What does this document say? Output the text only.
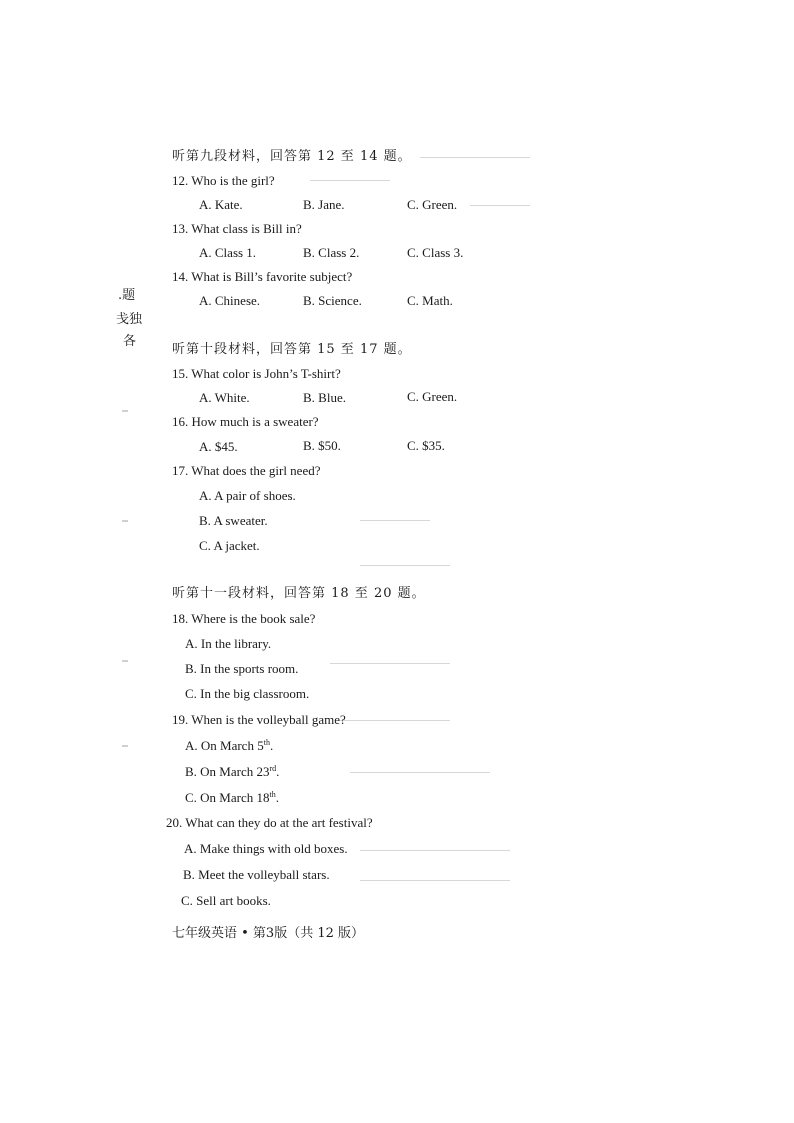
.题
戋独
各
听第九段材料，回答第 12 至 14 题。
12. Who is the girl?
A. Kate.	B. Jane.	C. Green.
13. What class is Bill in?
A. Class 1.	B. Class 2.	C. Class 3.
14. What is Bill’s favorite subject?
A. Chinese.	B. Science.	C. Math.
听第十段材料，回答第 15 至 17 题。
15. What color is John’s T-shirt?
A. White.	B. Blue.	C. Green.
16. How much is a sweater?
A. $45.	B. $50.	C. $35.
17. What does the girl need?
A. A pair of shoes.
B. A sweater.
C. A jacket.
听第十一段材料，回答第 18 至 20 题。
18. Where is the book sale?
A. In the library.
B. In the sports room.
C. In the big classroom.
19. When is the volleyball game?
A. On March 5th.
B. On March 23rd.
C. On March 18th.
20. What can they do at the art festival?
A. Make things with old boxes.
B. Meet the volleyball stars.
C. Sell art books.
七年级英语 • 第3版（共 12 版）
